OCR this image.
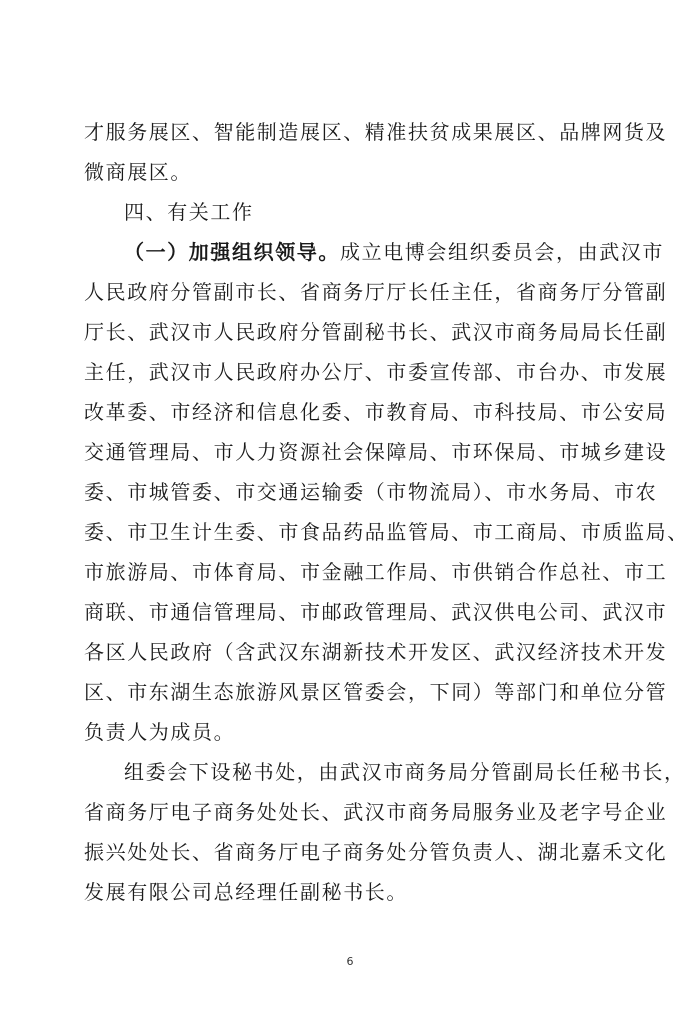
才服务展区、智能制造展区、精准扶贫成果展区、品牌网货及
微商展区。
四、有关工作
（一）加强组织领导。成立电博会组织委员会，由武汉市
人民政府分管副市长、省商务厅厅长任主任，省商务厅分管副
厅长、武汉市人民政府分管副秘书长、武汉市商务局局长任副
主任，武汉市人民政府办公厅、市委宣传部、市台办、市发展
改革委、市经济和信息化委、市教育局、市科技局、市公安局
交通管理局、市人力资源社会保障局、市环保局、市城乡建设
委、市城管委、市交通运输委（市物流局）、市水务局、市农
委、市卫生计生委、市食品药品监管局、市工商局、市质监局、
市旅游局、市体育局、市金融工作局、市供销合作总社、市工
商联、市通信管理局、市邮政管理局、武汉供电公司、武汉市
各区人民政府（含武汉东湖新技术开发区、武汉经济技术开发
区、市东湖生态旅游风景区管委会，下同）等部门和单位分管
负责人为成员。
组委会下设秘书处，由武汉市商务局分管副局长任秘书长，
省商务厅电子商务处处长、武汉市商务局服务业及老字号企业
振兴处处长、省商务厅电子商务处分管负责人、湖北嘉禾文化
发展有限公司总经理任副秘书长。
6
